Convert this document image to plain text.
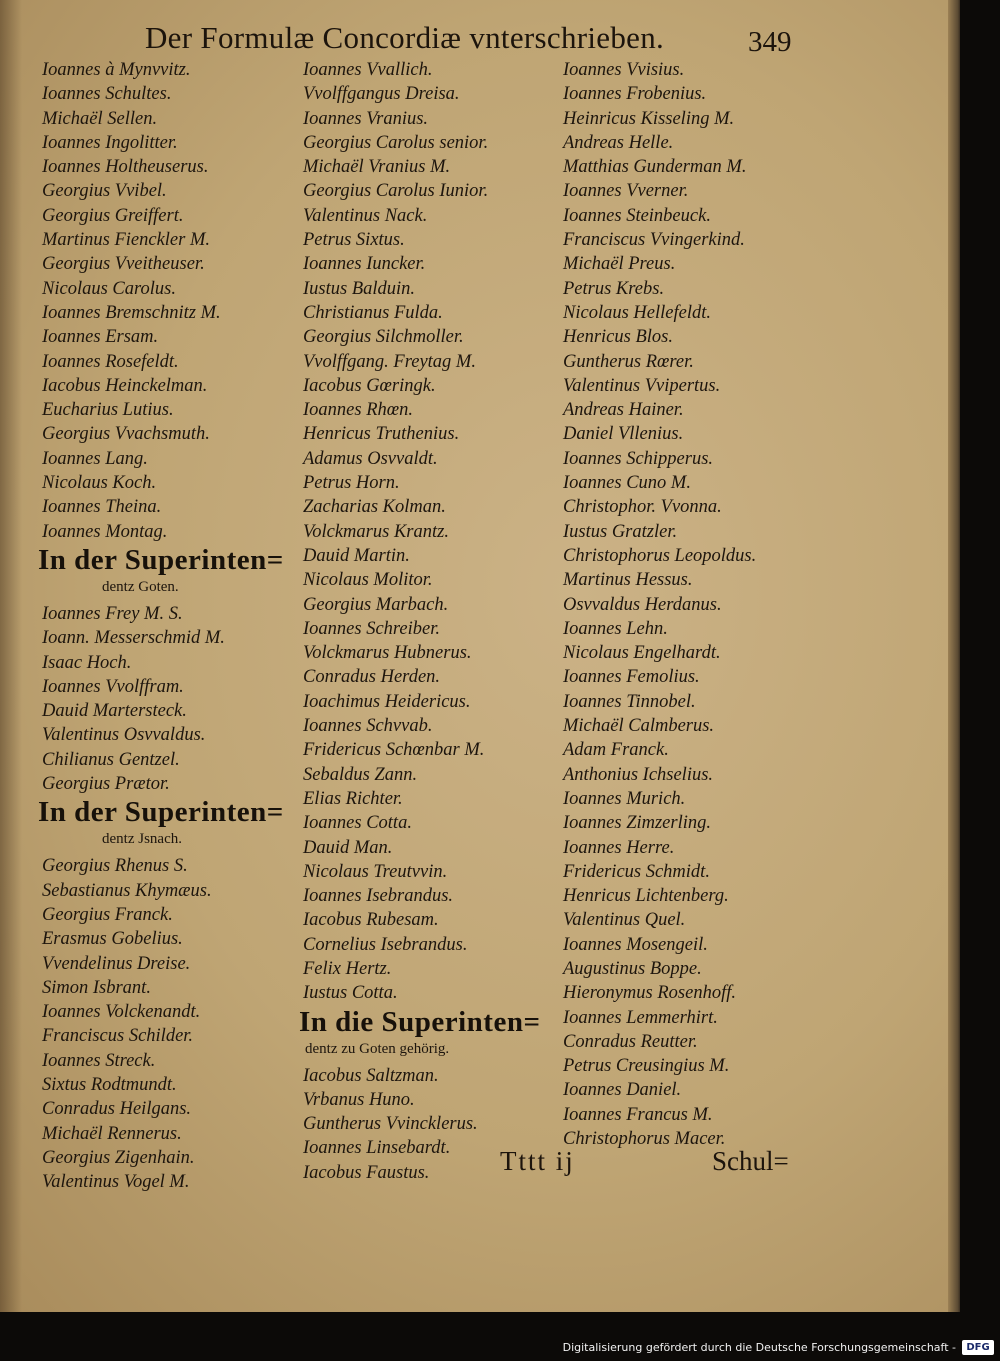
Der Formulæ Concordiæ vnterschrieben.	349
Ioannes à Mynvvitz.
Ioannes Schultes.
Michaël Sellen.
Ioannes Ingolitter.
Ioannes Holtheuserus.
Georgius Vvibel.
Georgius Greiffert.
Martinus Fienckler M.
Georgius Vveitheuser.
Nicolaus Carolus.
Ioannes Bremschnitz M.
Ioannes Ersam.
Ioannes Rosefeldt.
Iacobus Heinckelman.
Eucharius Lutius.
Georgius Vvachsmuth.
Ioannes Lang.
Nicolaus Koch.
Ioannes Theina.
Ioannes Montag.
In der Superinten=
dentz Goten.
Ioannes Frey M. S.
Ioann. Messerschmid M.
Isaac Hoch.
Ioannes Vvolffram.
Dauid Martersteck.
Valentinus Osvvaldus.
Chilianus Gentzel.
Georgius Prætor.
In der Superinten=
dentz Jsnach.
Georgius Rhenus S.
Sebastianus Khymæus.
Georgius Franck.
Erasmus Gobelius.
Vvendelinus Dreise.
Simon Isbrant.
Ioannes Volckenandt.
Franciscus Schilder.
Ioannes Streck.
Sixtus Rodtmundt.
Conradus Heilgans.
Michaël Rennerus.
Georgius Zigenhain.
Valentinus Vogel M.
Ioannes Vvallich.
Vvolffgangus Dreisa.
Ioannes Vranius.
Georgius Carolus senior.
Michaël Vranius M.
Georgius Carolus Iunior.
Valentinus Nack.
Petrus Sixtus.
Ioannes Iuncker.
Iustus Balduin.
Christianus Fulda.
Georgius Silchmoller.
Vvolffgang. Freytag M.
Iacobus Gœringk.
Ioannes Rhœn.
Henricus Truthenius.
Adamus Osvvaldt.
Petrus Horn.
Zacharias Kolman.
Volckmarus Krantz.
Dauid Martin.
Nicolaus Molitor.
Georgius Marbach.
Ioannes Schreiber.
Volckmarus Hubnerus.
Conradus Herden.
Ioachimus Heidericus.
Ioannes Schvvab.
Fridericus Schœnbar M.
Sebaldus Zann.
Elias Richter.
Ioannes Cotta.
Dauid Man.
Nicolaus Treutvvin.
Ioannes Isebrandus.
Iacobus Rubesam.
Cornelius Isebrandus.
Felix Hertz.
Iustus Cotta.
In die Superinten=
dentz zu Goten gehörig.
Iacobus Saltzman.
Vrbanus Huno.
Guntherus Vvincklerus.
Ioannes Linsebardt.
Iacobus Faustus.
Ioannes Vvisius.
Ioannes Frobenius.
Heinricus Kisseling M.
Andreas Helle.
Matthias Gunderman M.
Ioannes Vverner.
Ioannes Steinbeuck.
Franciscus Vvingerkind.
Michaël Preus.
Petrus Krebs.
Nicolaus Hellefeldt.
Henricus Blos.
Guntherus Rœrer.
Valentinus Vvipertus.
Andreas Hainer.
Daniel Vllenius.
Ioannes Schipperus.
Ioannes Cuno M.
Christophor. Vvonna.
Iustus Gratzler.
Christophorus Leopoldus.
Martinus Hessus.
Osvvaldus Herdanus.
Ioannes Lehn.
Nicolaus Engelhardt.
Ioannes Femolius.
Ioannes Tinnobel.
Michaël Calmberus.
Adam Franck.
Anthonius Ichselius.
Ioannes Murich.
Ioannes Zimzerling.
Ioannes Herre.
Fridericus Schmidt.
Henricus Lichtenberg.
Valentinus Quel.
Ioannes Mosengeil.
Augustinus Boppe.
Hieronymus Rosenhoff.
Ioannes Lemmerhirt.
Conradus Reutter.
Petrus Creusingius M.
Ioannes Daniel.
Ioannes Francus M.
Christophorus Macer.
Tttt ij	Schul=
Digitalisierung gefördert durch die Deutsche Forschungsgemeinschaft -	DFG
